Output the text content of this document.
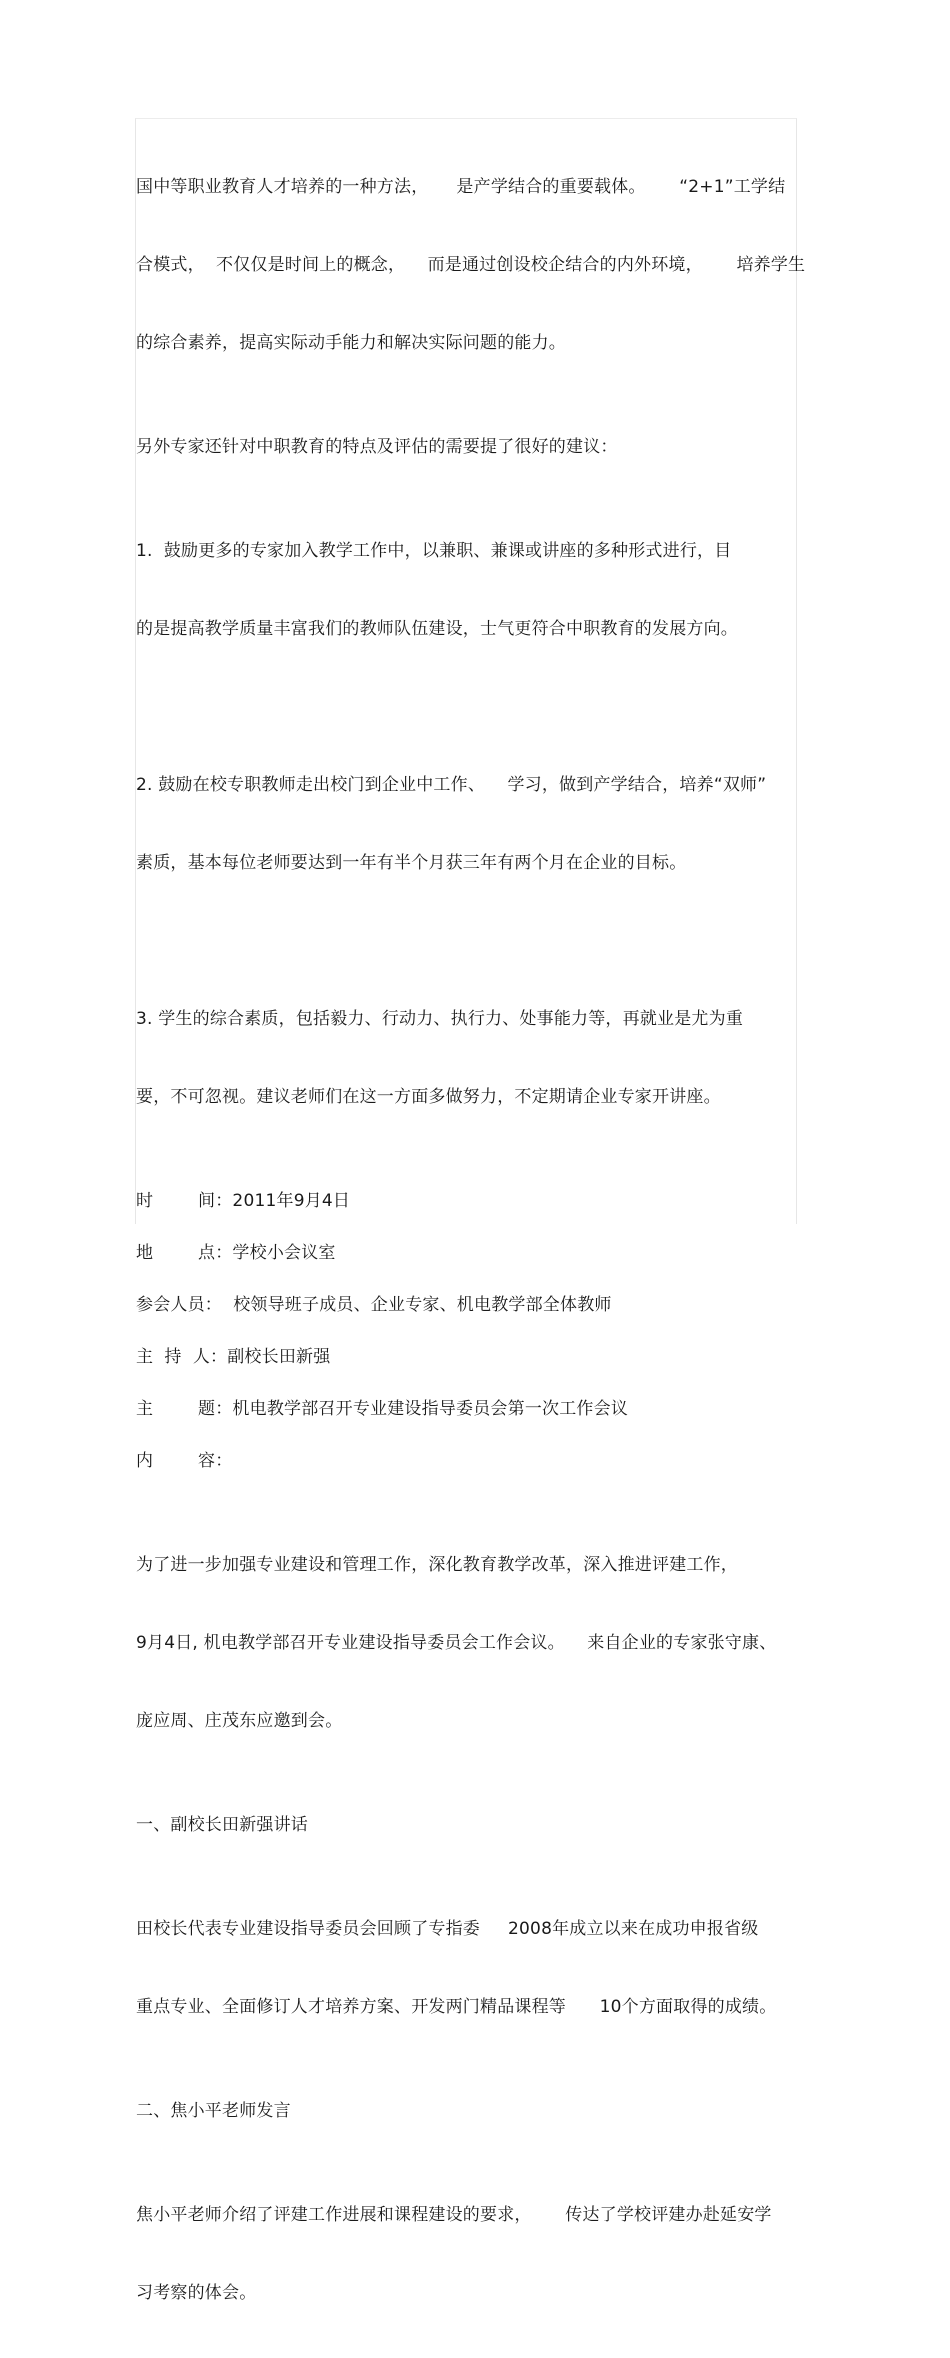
国中等职业教育人才培养的一种方法，     是产学结合的重要载体。      “2+1”工学结

合模式，  不仅仅是时间上的概念，    而是通过创设校企结合的内外环境，      培养学生

的综合素养，提高实际动手能力和解决实际问题的能力。

另外专家还针对中职教育的特点及评估的需要提了很好的建议：

1.  鼓励更多的专家加入教学工作中，以兼职、兼课或讲座的多种形式进行，目

的是提高教学质量丰富我们的教师队伍建设，士气更符合中职教育的发展方向。

2. 鼓励在校专职教师走出校门到企业中工作、    学习，做到产学结合，培养“双师”

素质，基本每位老师要达到一年有半个月获三年有两个月在企业的目标。

3. 学生的综合素质，包括毅力、行动力、执行力、处事能力等，再就业是尤为重

要，不可忽视。建议老师们在这一方面多做努力，不定期请企业专家开讲座。

时        间：2011年9月4日

地        点：学校小会议室

参会人员：  校领导班子成员、企业专家、机电教学部全体教师

主  持  人：副校长田新强

主        题：机电教学部召开专业建设指导委员会第一次工作会议

内        容：

为了进一步加强专业建设和管理工作，深化教育教学改革，深入推进评建工作，

9月4日, 机电教学部召开专业建设指导委员会工作会议。    来自企业的专家张守康、

庞应周、庄茂东应邀到会。

一、副校长田新强讲话

田校长代表专业建设指导委员会回顾了专指委     2008年成立以来在成功申报省级

重点专业、全面修订人才培养方案、开发两门精品课程等      10个方面取得的成绩。

二、焦小平老师发言

焦小平老师介绍了评建工作进展和课程建设的要求，      传达了学校评建办赴延安学

习考察的体会。
